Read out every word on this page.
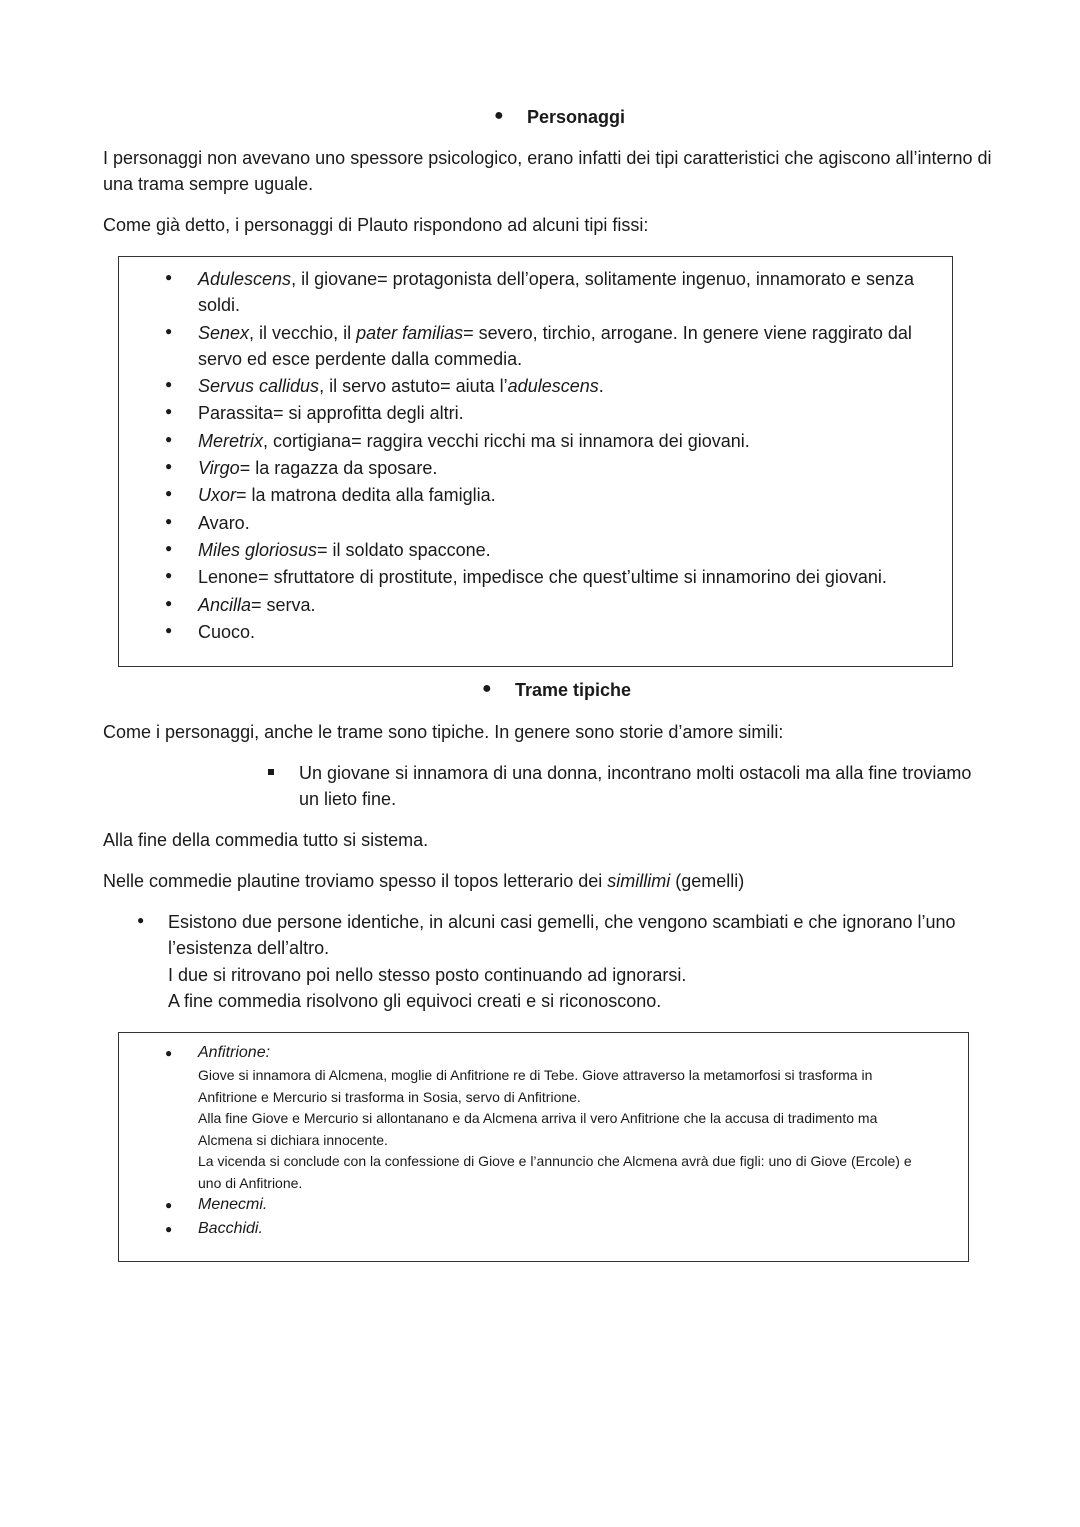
● Personaggi
I personaggi non avevano uno spessore psicologico, erano infatti dei tipi caratteristici che agiscono all’interno di una trama sempre uguale.
Come già detto, i personaggi di Plauto rispondono ad alcuni tipi fissi:
● Adulescens, il giovane= protagonista dell’opera, solitamente ingenuo, innamorato e senza
soldi.
● Senex, il vecchio, il pater familias= severo, tirchio, arrogane. In genere viene raggirato dal
servo ed esce perdente dalla commedia.
● Servus callidus, il servo astuto= aiuta l’adulescens.
● Parassita= si approfitta degli altri.
● Meretrix, cortigiana= raggira vecchi ricchi ma si innamora dei giovani.
● Virgo= la ragazza da sposare.
● Uxor= la matrona dedita alla famiglia.
● Avaro.
● Miles gloriosus= il soldato spaccone.
● Lenone= sfruttatore di prostitute, impedisce che quest’ultime si innamorino dei giovani.
● Ancilla= serva.
● Cuoco.
● Trame tipiche
Come i personaggi, anche le trame sono tipiche. In genere sono storie d’amore simili:
Un giovane si innamora di una donna, incontrano molti ostacoli ma alla fine troviamo
un lieto fine.
Alla fine della commedia tutto si sistema.
Nelle commedie plautine troviamo spesso il topos letterario dei simillimi (gemelli)
● Esistono due persone identiche, in alcuni casi gemelli, che vengono scambiati e che ignorano l’uno
l’esistenza dell’altro.
I due si ritrovano poi nello stesso posto continuando ad ignorarsi.
A fine commedia risolvono gli equivoci creati e si riconoscono.
● Anfitrione:
Giove si innamora di Alcmena, moglie di Anfitrione re di Tebe. Giove attraverso la metamorfosi si trasforma in
Anfitrione e Mercurio si trasforma in Sosia, servo di Anfitrione.
Alla fine Giove e Mercurio si allontanano e da Alcmena arriva il vero Anfitrione che la accusa di tradimento ma
Alcmena si dichiara innocente.
La vicenda si conclude con la confessione di Giove e l’annuncio che Alcmena avrà due figli: uno di Giove (Ercole) e
uno di Anfitrione.
● Menecmi.
● Bacchidi.
